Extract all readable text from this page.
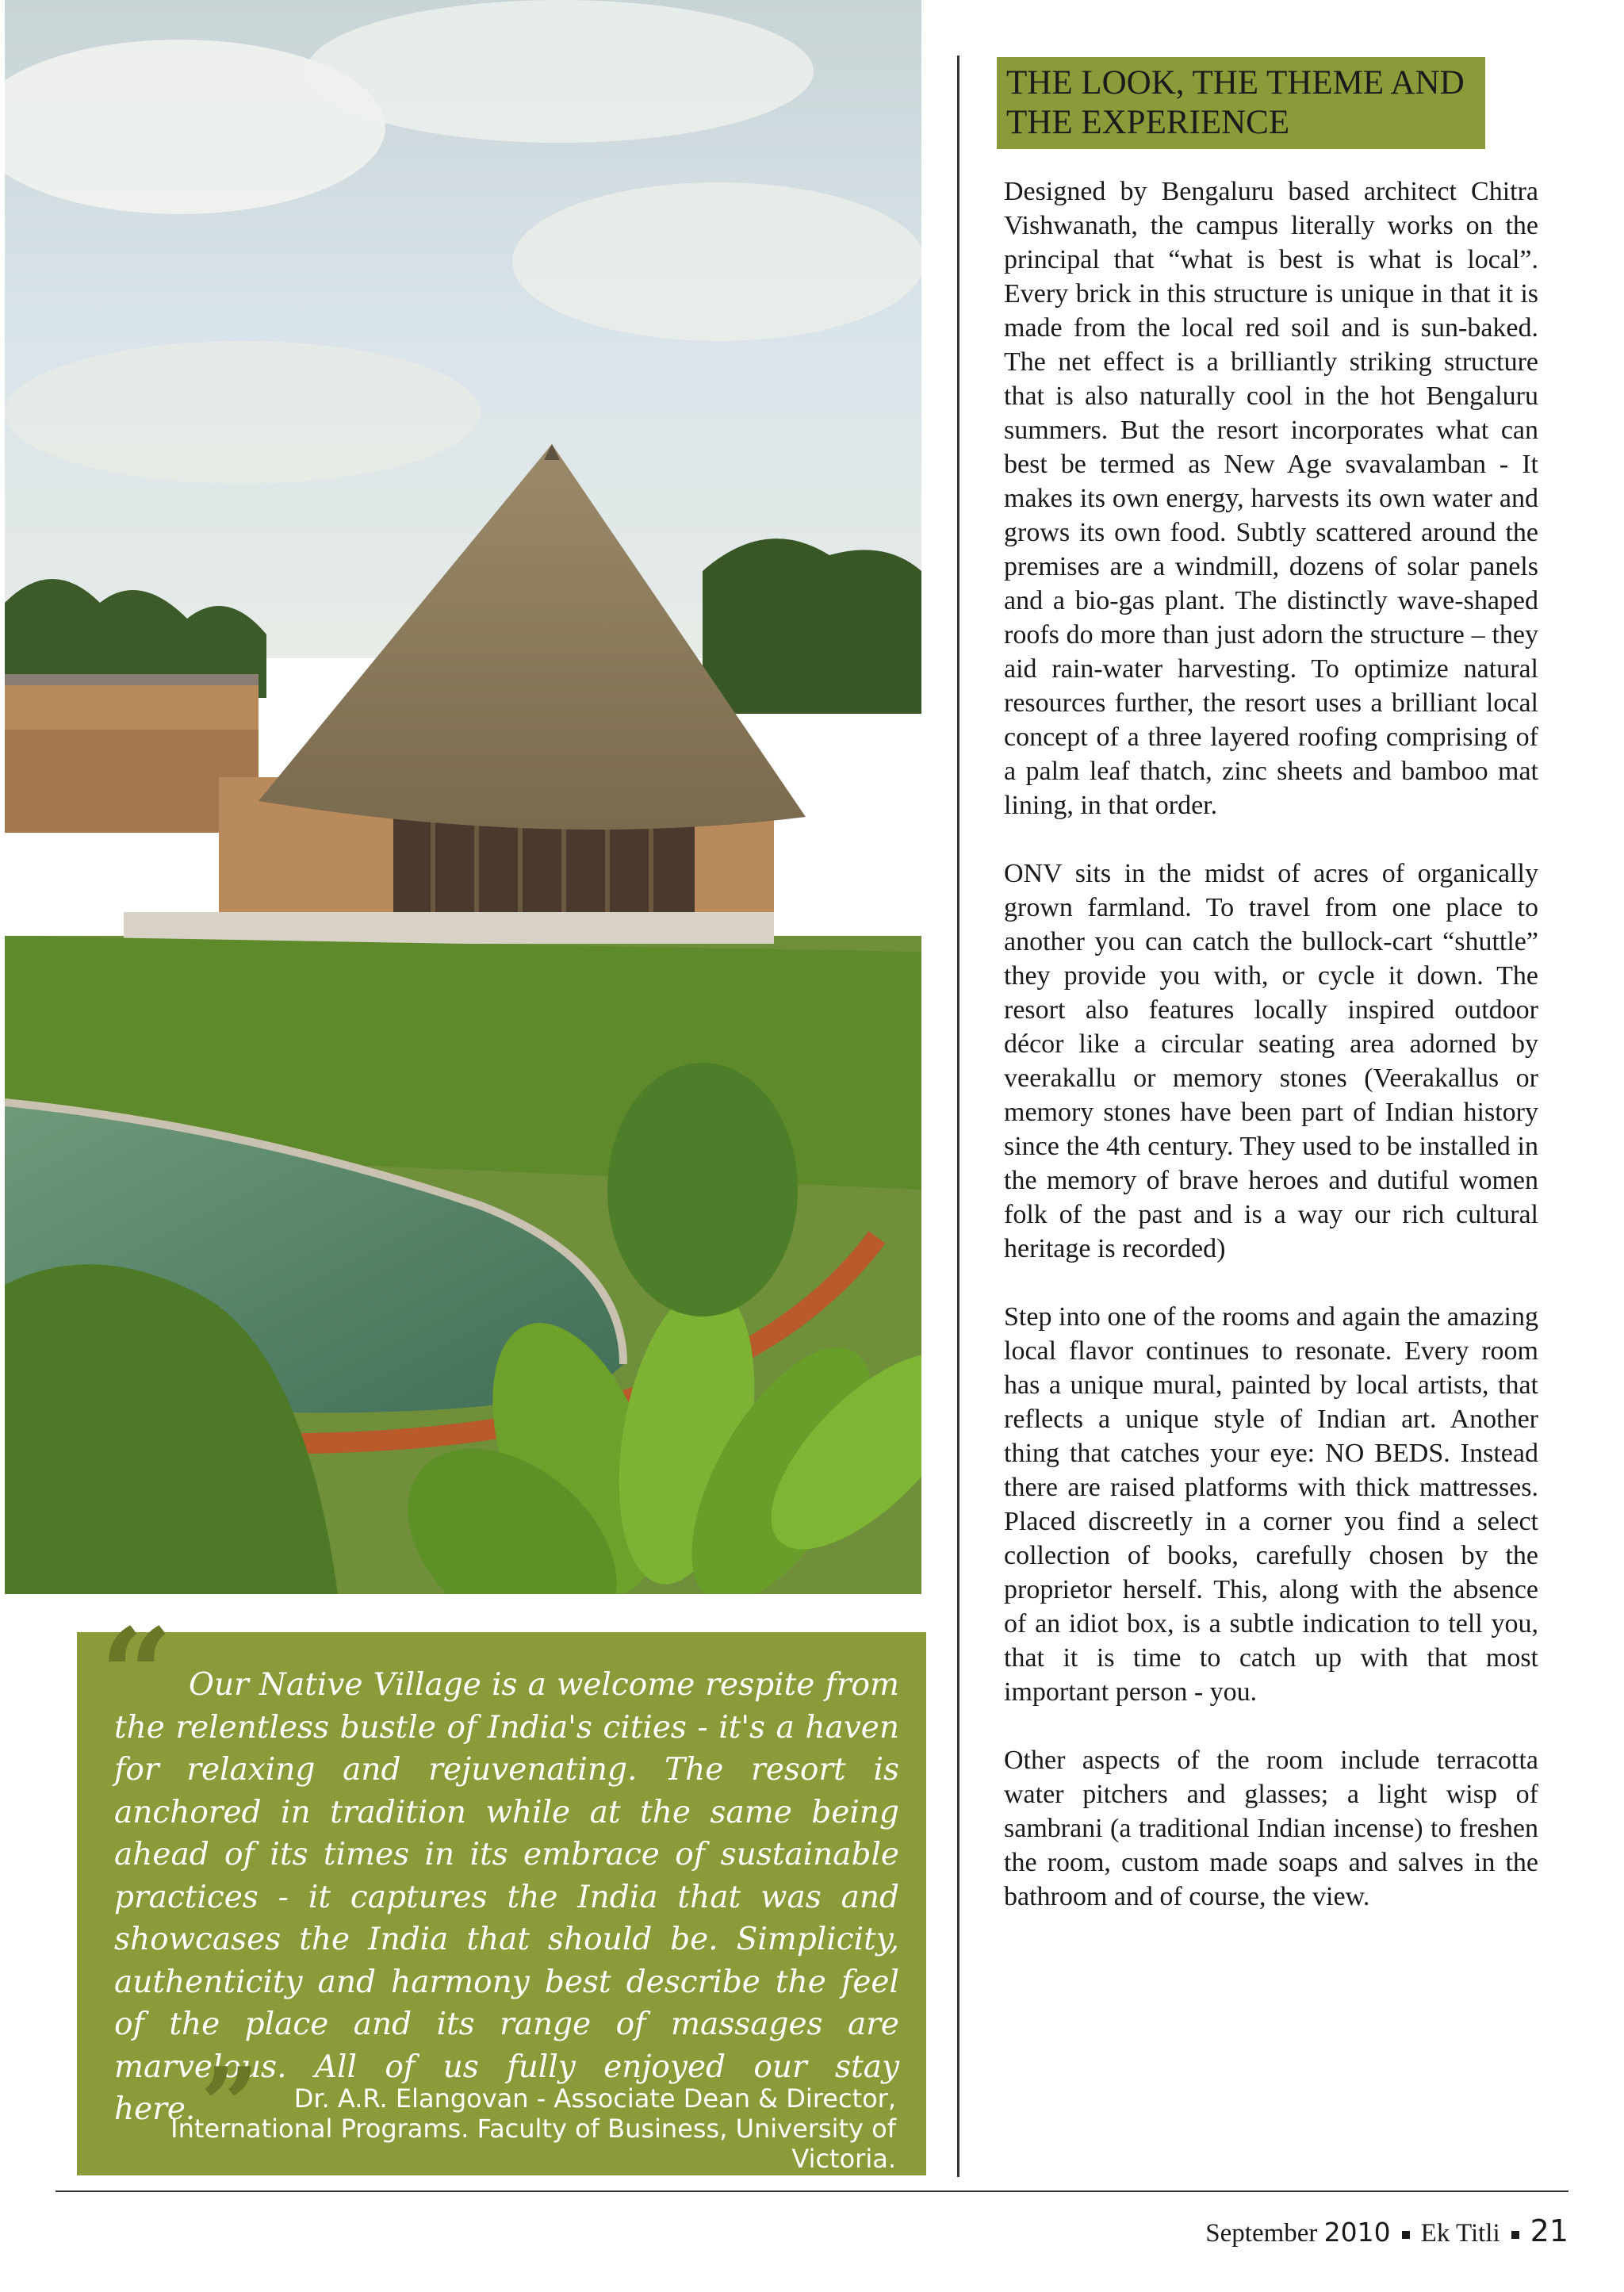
“ Our Native Village is a welcome respite from the relentless bustle of India's cities - it's a haven for relaxing and rejuvenating. The resort is anchored in tradition while at the same being ahead of its times in its embrace of sustainable practices - it captures the India that was and showcases the India that should be. Simplicity, authenticity and harmony best describe the feel of the place and its range of massages are marvelous. All of us fully enjoyed our stay here.”	Dr. A.R. Elangovan - Associate Dean & Director,
International Programs. Faculty of Business, University of Victoria.
THE LOOK, THE THEME AND
THE EXPERIENCE

Designed by Bengaluru based architect Chitra Vishwanath, the campus literally works on the principal that “what is best is what is local”. Every brick in this structure is unique in that it is made from the local red soil and is sun-baked. The net effect is a brilliantly striking structure that is also naturally cool in the hot Bengaluru summers. But the resort incorporates what can best be termed as New Age svavalamban - It makes its own energy, harvests its own water and grows its own food. Subtly scattered around the premises are a windmill, dozens of solar panels and a bio-gas plant. The distinctly wave-shaped roofs do more than just adorn the structure – they aid rain-water harvesting. To optimize natural resources further, the resort uses a brilliant local concept of a three layered roofing comprising of a palm leaf thatch, zinc sheets and bamboo mat lining, in that order.

ONV sits in the midst of acres of organically grown farmland. To travel from one place to another you can catch the bullock-cart “shuttle” they provide you with, or cycle it down. The resort also features locally inspired outdoor décor like a circular seating area adorned by veerakallu or memory stones (Veerakallus or memory stones have been part of Indian history since the 4th century. They used to be installed in the memory of brave heroes and dutiful women folk of the past and is a way our rich cultural heritage is recorded)

Step into one of the rooms and again the amazing local flavor continues to resonate. Every room has a unique mural, painted by local artists, that reflects a unique style of Indian art. Another thing that catches your eye: NO BEDS. Instead there are raised platforms with thick mattresses. Placed discreetly in a corner you find a select collection of books, carefully chosen by the proprietor herself. This, along with the absence of an idiot box, is a subtle indication to tell you, that it is time to catch up with that most important person - you.

Other aspects of the room include terracotta water pitchers and glasses; a light wisp of sambrani (a traditional Indian incense) to freshen the room, custom made soaps and salves in the bathroom and of course, the view.

September 2010 Ek Titli 21
